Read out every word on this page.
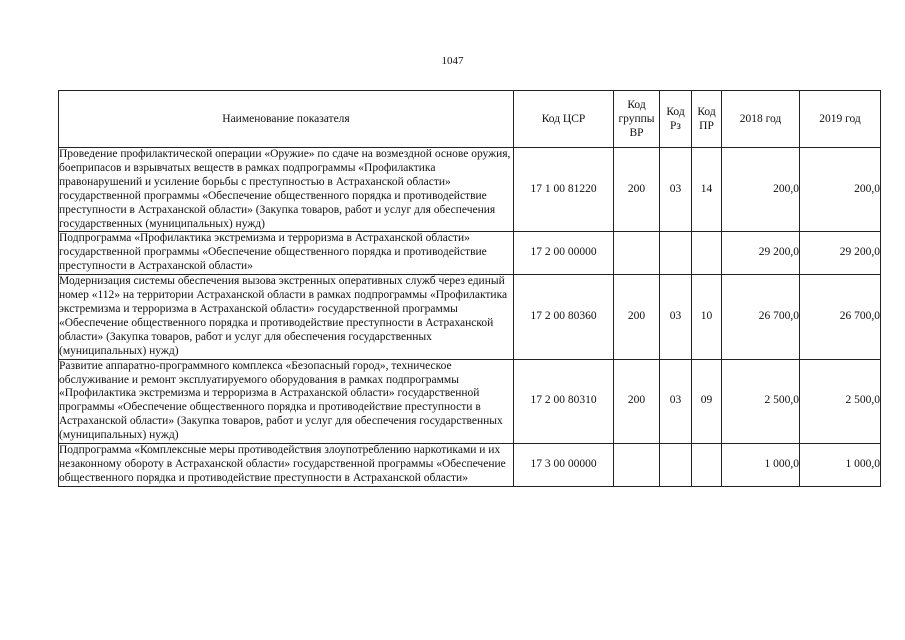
1047
Наименование показателя	Код ЦСР	Код группы ВР	Код Рз	Код ПР	2018 год	2019 год
Проведение профилактической операции «Оружие» по сдаче на возмездной основе оружия, боеприпасов и взрывчатых веществ в рамках подпрограммы «Профилактика правонарушений и усиление борьбы с преступностью в Астраханской области» государственной программы «Обеспечение общественного порядка и противодействие преступности в Астраханской области» (Закупка товаров, работ и услуг для обеспечения государственных (муниципальных) нужд)	17 1 00 81220	200	03	14	200,0	200,0
Подпрограмма «Профилактика экстремизма и терроризма в Астраханской области» государственной программы «Обеспечение общественного порядка и противодействие преступности в Астраханской области»	17 2 00 00000				29 200,0	29 200,0
Модернизация системы обеспечения вызова экстренных оперативных служб через единый номер «112» на территории Астраханской области в рамках подпрограммы «Профилактика экстремизма и терроризма в Астраханской области» государственной программы «Обеспечение общественного порядка и противодействие преступности в Астраханской области» (Закупка товаров, работ и услуг для обеспечения государственных (муниципальных) нужд)	17 2 00 80360	200	03	10	26 700,0	26 700,0
Развитие аппаратно-программного комплекса «Безопасный город», техническое обслуживание и ремонт эксплуатируемого оборудования в рамках подпрограммы «Профилактика экстремизма и терроризма в Астраханской области» государственной программы «Обеспечение общественного порядка и противодействие преступности в Астраханской области» (Закупка товаров, работ и услуг для обеспечения государственных (муниципальных) нужд)	17 2 00 80310	200	03	09	2 500,0	2 500,0
Подпрограмма «Комплексные меры противодействия злоупотреблению наркотиками и их незаконному обороту в Астраханской области» государственной программы «Обеспечение общественного порядка и противодействие преступности в Астраханской области»	17 3 00 00000				1 000,0	1 000,0
